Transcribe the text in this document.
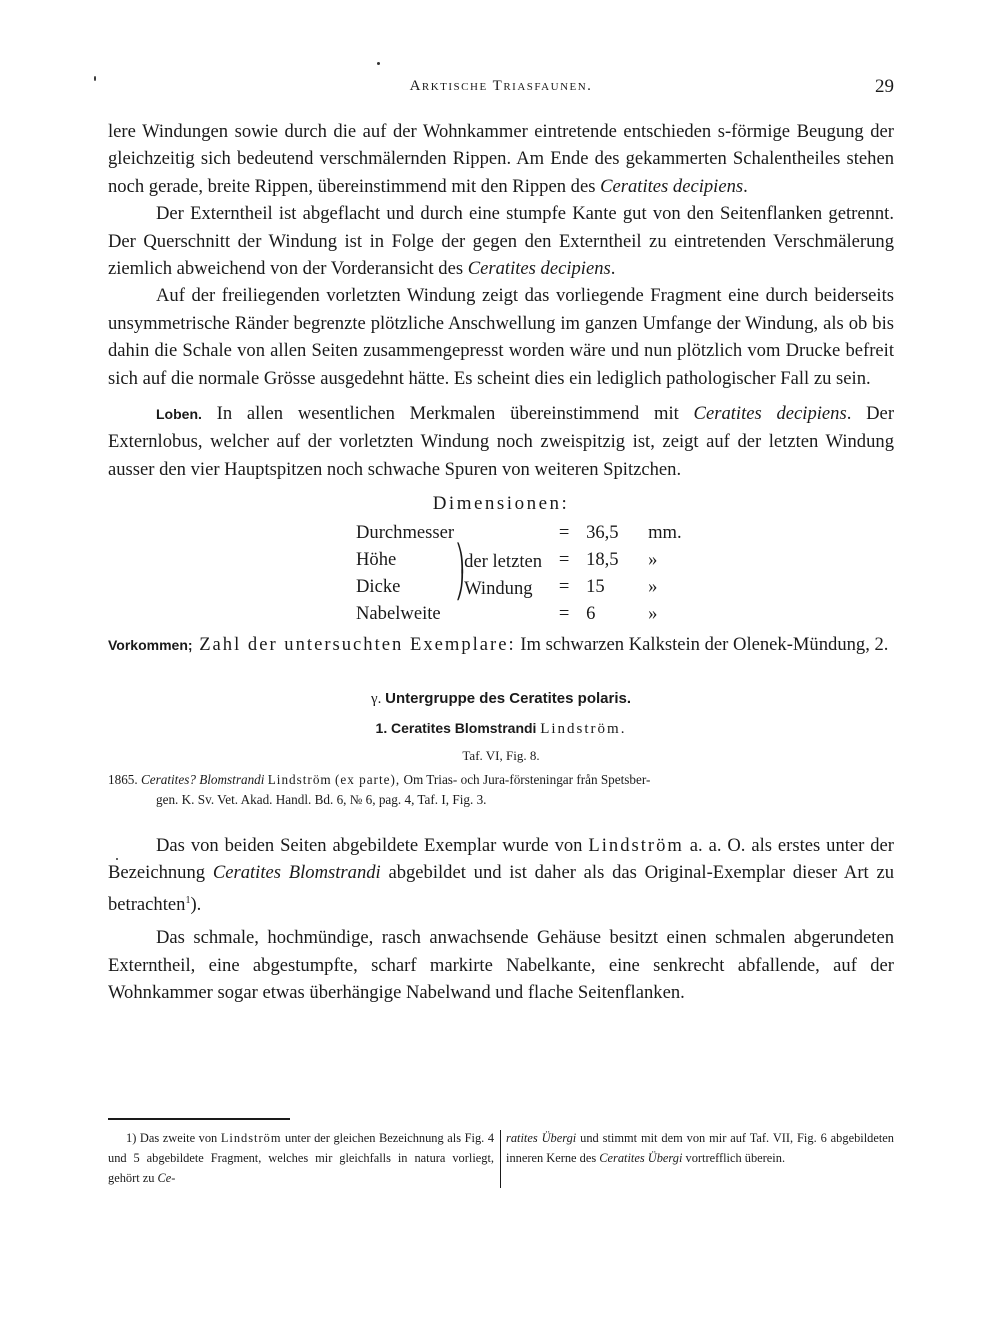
Arktische Triasfaunen.	29

lere Windungen sowie durch die auf der Wohnkammer eintretende entschieden s-förmige Beugung der gleichzeitig sich bedeutend verschmälernden Rippen. Am Ende des gekammerten Schalentheiles stehen noch gerade, breite Rippen, übereinstimmend mit den Rippen des Ceratites decipiens.

Der Externtheil ist abgeflacht und durch eine stumpfe Kante gut von den Seitenflanken getrennt. Der Querschnitt der Windung ist in Folge der gegen den Externtheil zu eintretenden Verschmälerung ziemlich abweichend von der Vorderansicht des Ceratites decipiens.

Auf der freiliegenden vorletzten Windung zeigt das vorliegende Fragment eine durch beiderseits unsymmetrische Ränder begrenzte plötzliche Anschwellung im ganzen Umfange der Windung, als ob bis dahin die Schale von allen Seiten zusammengepresst worden wäre und nun plötzlich vom Drucke befreit sich auf die normale Grösse ausgedehnt hätte. Es scheint dies ein lediglich pathologischer Fall zu sein.

Loben. In allen wesentlichen Merkmalen übereinstimmend mit Ceratites decipiens. Der Externlobus, welcher auf der vorletzten Windung noch zweispitzig ist, zeigt auf der letzten Windung ausser den vier Hauptspitzen noch schwache Spuren von weiteren Spitzchen.

Dimensionen:
Durchmesser		=	36,5	mm.
Höhe	⎞der letzten	=	18,5	»
Dicke	⎠Windung	=	15	»
Nabelweite		=	6	»

Vorkommen; Zahl der untersuchten Exemplare: Im schwarzen Kalkstein der Olenek-Mündung, 2.

γ. Untergruppe des Ceratites polaris.
1. Ceratites Blomstrandi Lindström.
Taf. VI, Fig. 8.
1865. Ceratites? Blomstrandi Lindström (ex parte), Om Trias- och Jura-försteningar från Spetsber-
gen. K. Sv. Vet. Akad. Handl. Bd. 6, № 6, pag. 4, Taf. I, Fig. 3.

Das von beiden Seiten abgebildete Exemplar wurde von Lindström a. a. O. als erstes unter der Bezeichnung Ceratites Blomstrandi abgebildet und ist daher als das Original-Exemplar dieser Art zu betrachten$^1$).

Das schmale, hochmündige, rasch anwachsende Gehäuse besitzt einen schmalen abgerundeten Externtheil, eine abgestumpfte, scharf markirte Nabelkante, eine senkrecht abfallende, auf der Wohnkammer sogar etwas überhängige Nabelwand und flache Seitenflanken.

1) Das zweite von Lindström unter der gleichen Bezeichnung als Fig. 4 und 5 abgebildete Fragment, welches mir gleichfalls in natura vorliegt, gehört zu Ce-
ratites Übergi und stimmt mit dem von mir auf Taf. VII, Fig. 6 abgebildeten inneren Kerne des Ceratites Übergi vortrefflich überein.
